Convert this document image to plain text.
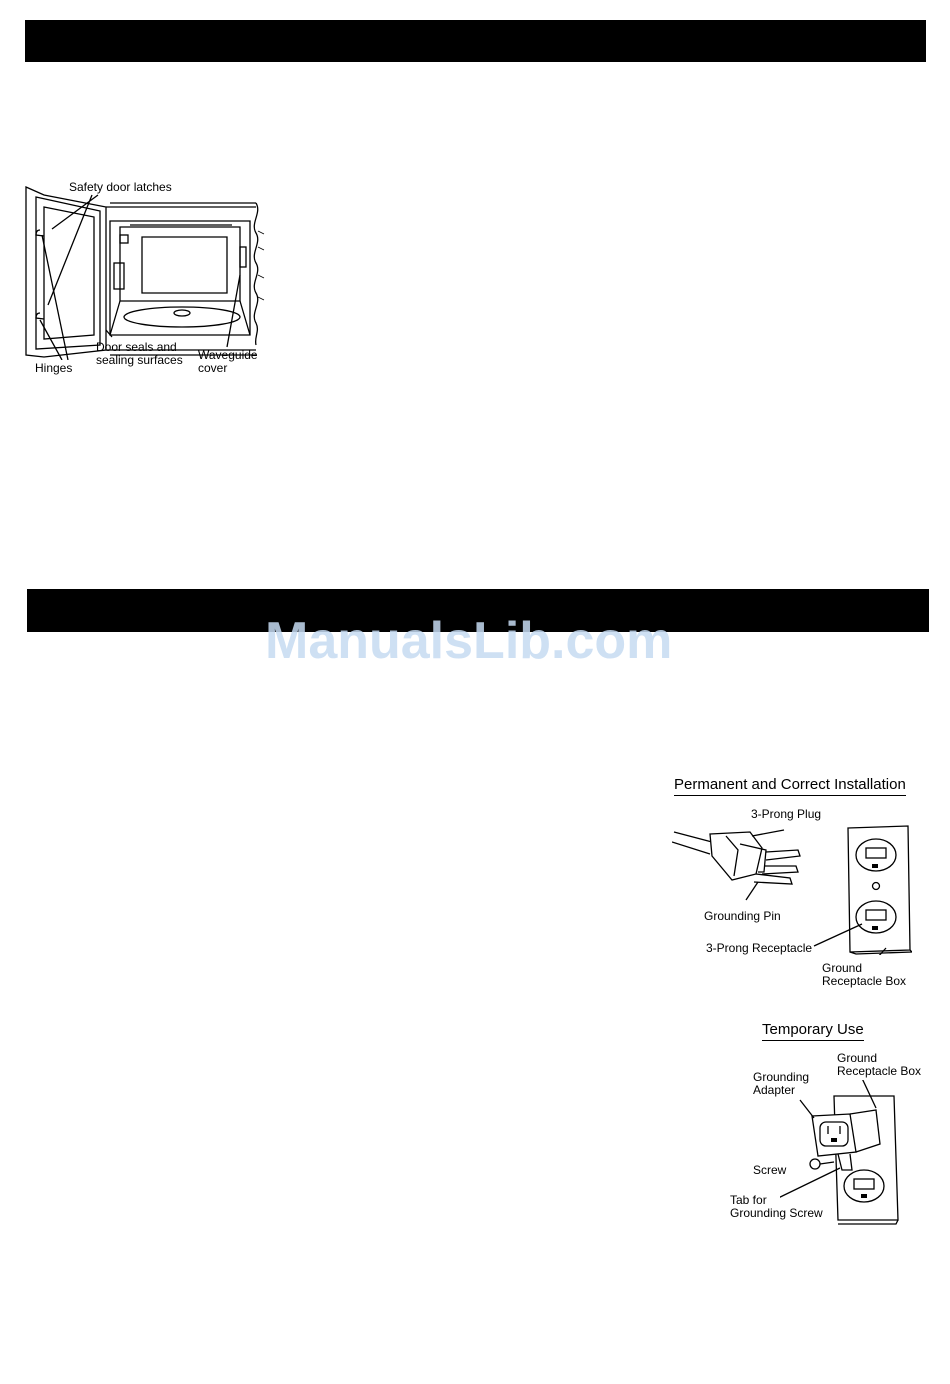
Safety door latches
Hinges
Door seals and
sealing surfaces Waveguide
cover
ManualsLib.com
Permanent and Correct Installation
3-Prong Plug
Grounding Pin
3-Prong Receptacle
Ground
Receptacle Box
Temporary Use
Ground
Receptacle Box
Grounding
Adapter
Screw
Tab for
Grounding Screw
